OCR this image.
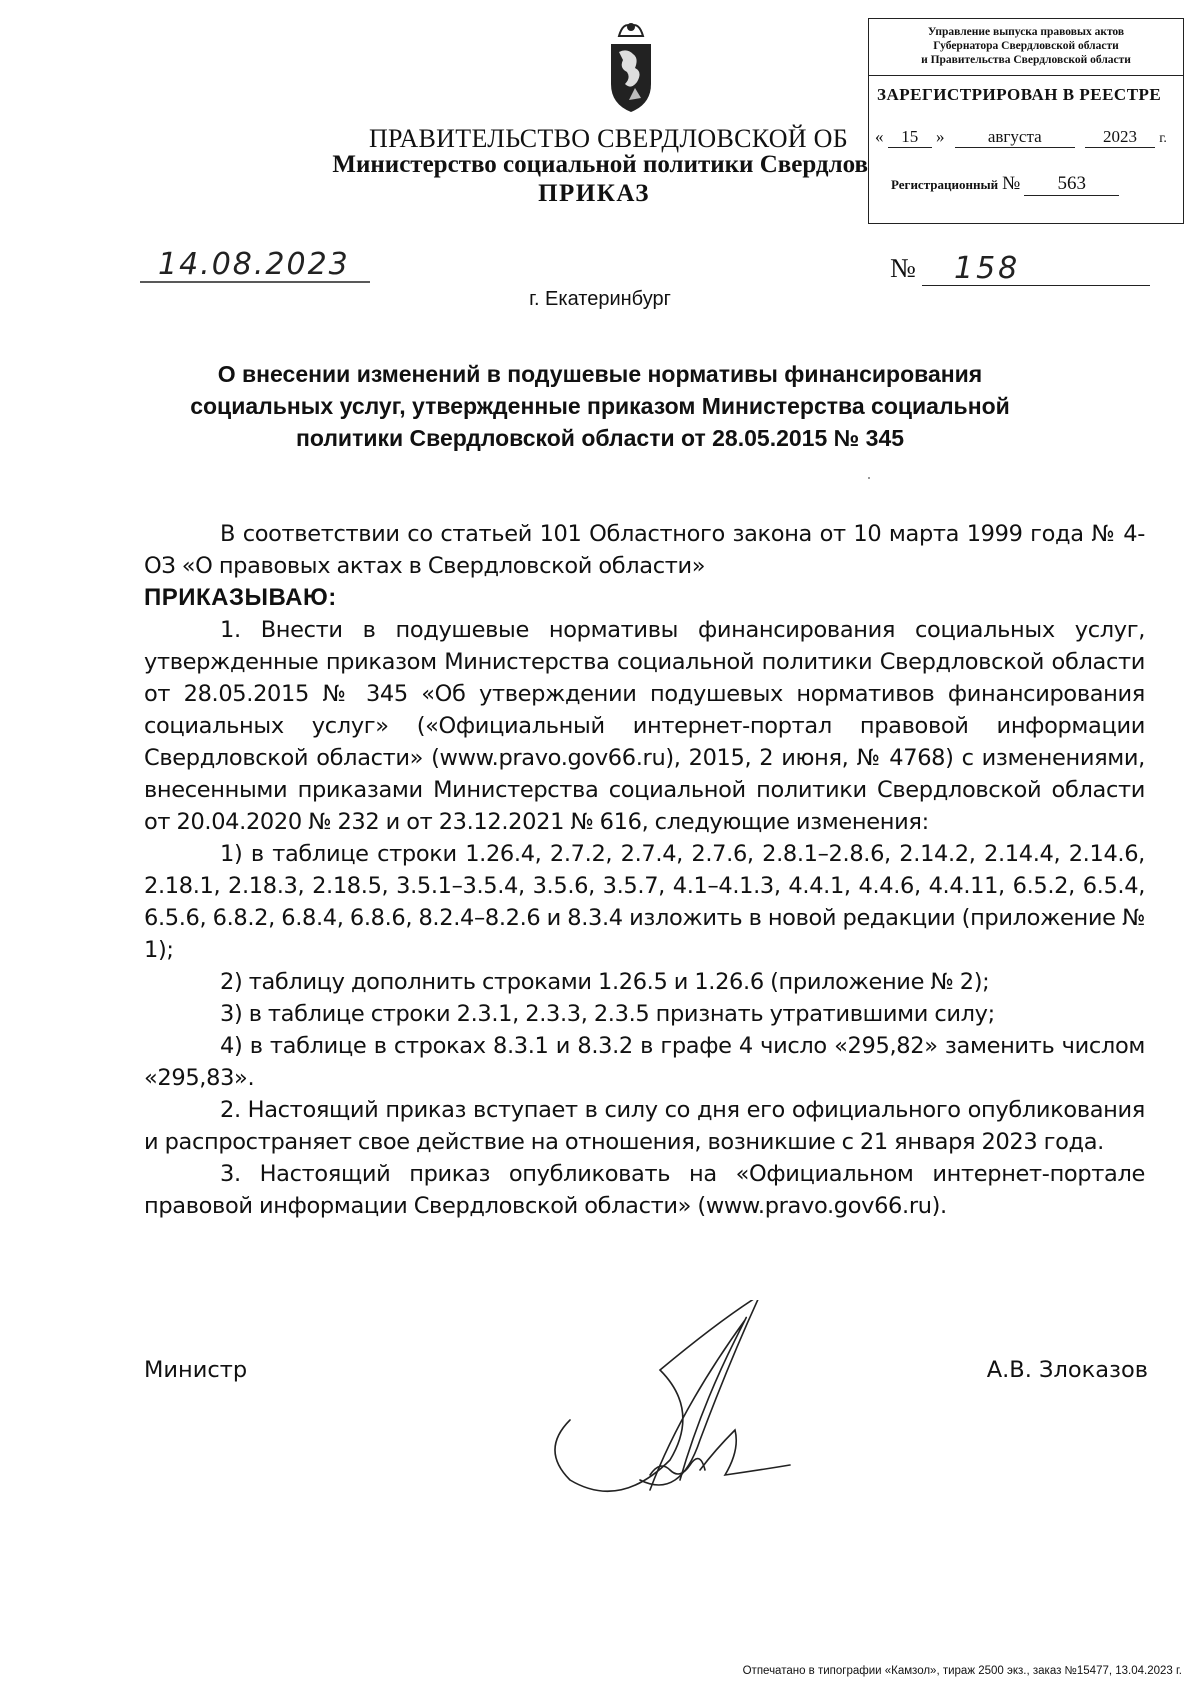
Управление выпуска правовых актов
Губернатора Свердловской области
и Правительства Свердловской области
ЗАРЕГИСТРИРОВАН В РЕЕСТРЕ
« 15 »	августа	2023 г.
Регистрационный № 563
ПРАВИТЕЛЬСТВО СВЕРДЛОВСКОЙ ОБ
Министерство социальной политики Свердлов
ПРИКАЗ
14.08.2023	№ 158
г. Екатеринбург
О внесении изменений в подушевые нормативы финансирования
социальных услуг, утвержденные приказом Министерства социальной
политики Свердловской области от 28.05.2015 № 345

В соответствии со статьей 101 Областного закона от 10 марта 1999 года № 4-ОЗ «О правовых актах в Свердловской области»

ПРИКАЗЫВАЮ:

1. Внести в подушевые нормативы финансирования социальных услуг, утвержденные приказом Министерства социальной политики Свердловской области от 28.05.2015 № 345 «Об утверждении подушевых нормативов финансирования социальных услуг» («Официальный интернет-портал правовой информации Свердловской области» (www.pravo.gov66.ru), 2015, 2 июня, № 4768) с изменениями, внесенными приказами Министерства социальной политики Свердловской области от 20.04.2020 № 232 и от 23.12.2021 № 616, следующие изменения:

1) в таблице строки 1.26.4, 2.7.2, 2.7.4, 2.7.6, 2.8.1–2.8.6, 2.14.2, 2.14.4, 2.14.6, 2.18.1, 2.18.3, 2.18.5, 3.5.1–3.5.4, 3.5.6, 3.5.7, 4.1–4.1.3, 4.4.1, 4.4.6, 4.4.11, 6.5.2, 6.5.4, 6.5.6, 6.8.2, 6.8.4, 6.8.6, 8.2.4–8.2.6 и 8.3.4 изложить в новой редакции (приложение № 1);

2) таблицу дополнить строками 1.26.5 и 1.26.6 (приложение № 2);

3) в таблице строки 2.3.1, 2.3.3, 2.3.5 признать утратившими силу;

4) в таблице в строках 8.3.1 и 8.3.2 в графе 4 число «295,82» заменить числом «295,83».

2. Настоящий приказ вступает в силу со дня его официального опубликования и распространяет свое действие на отношения, возникшие с 21 января 2023 года.

3. Настоящий приказ опубликовать на «Официальном интернет-портале правовой информации Свердловской области» (www.pravo.gov66.ru).

Министр	А.В. Злоказов
Отпечатано в типографии «Камзол», тираж 2500 экз., заказ №15477, 13.04.2023 г.
